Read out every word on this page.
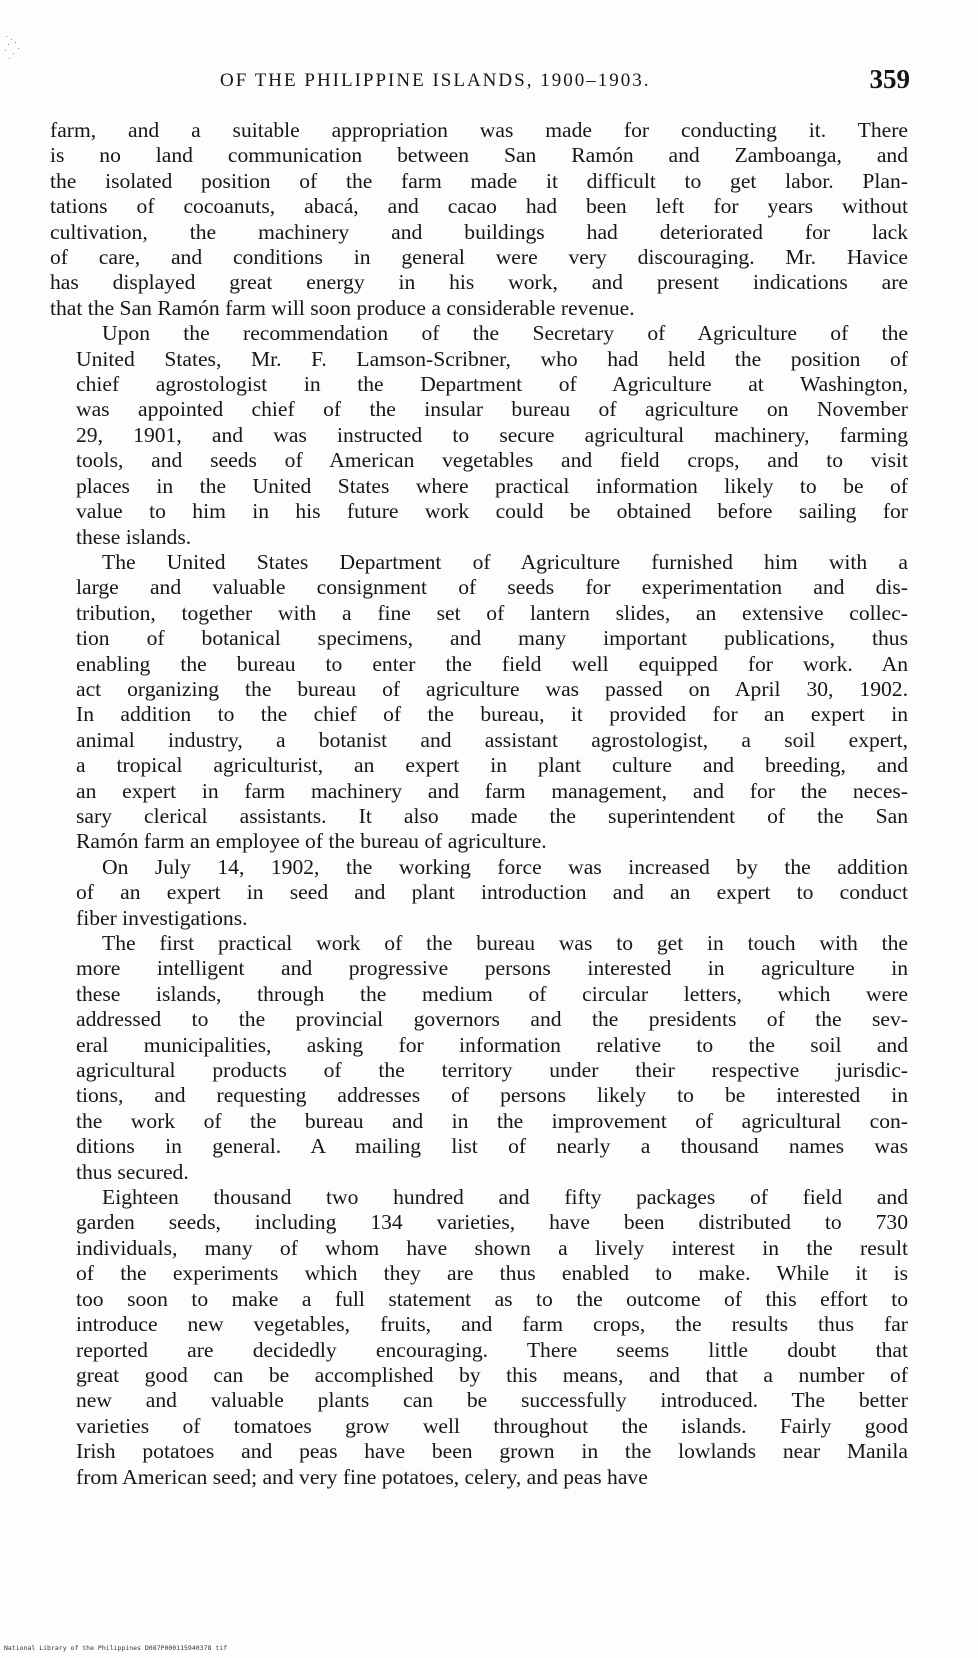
OF THE PHILIPPINE ISLANDS, 1900–1903.	359
farm, and a suitable appropriation was made for conducting it. There
is no land communication between San Ramón and Zamboanga, and
the isolated position of the farm made it difficult to get labor. Plan-
tations of cocoanuts, abacá, and cacao had been left for years without
cultivation, the machinery and buildings had deteriorated for lack
of care, and conditions in general were very discouraging. Mr. Havice
has displayed great energy in his work, and present indications are
that the San Ramón farm will soon produce a considerable revenue.
Upon the recommendation of the Secretary of Agriculture of the
United States, Mr. F. Lamson-Scribner, who had held the position of
chief agrostologist in the Department of Agriculture at Washington,
was appointed chief of the insular bureau of agriculture on November
29, 1901, and was instructed to secure agricultural machinery, farming
tools, and seeds of American vegetables and field crops, and to visit
places in the United States where practical information likely to be of
value to him in his future work could be obtained before sailing for
these islands.
The United States Department of Agriculture furnished him with a
large and valuable consignment of seeds for experimentation and dis-
tribution, together with a fine set of lantern slides, an extensive collec-
tion of botanical specimens, and many important publications, thus
enabling the bureau to enter the field well equipped for work. An
act organizing the bureau of agriculture was passed on April 30, 1902.
In addition to the chief of the bureau, it provided for an expert in
animal industry, a botanist and assistant agrostologist, a soil expert,
a tropical agriculturist, an expert in plant culture and breeding, and
an expert in farm machinery and farm management, and for the neces-
sary clerical assistants. It also made the superintendent of the San
Ramón farm an employee of the bureau of agriculture.
On July 14, 1902, the working force was increased by the addition
of an expert in seed and plant introduction and an expert to conduct
fiber investigations.
The first practical work of the bureau was to get in touch with the
more intelligent and progressive persons interested in agriculture in
these islands, through the medium of circular letters, which were
addressed to the provincial governors and the presidents of the sev-
eral municipalities, asking for information relative to the soil and
agricultural products of the territory under their respective jurisdic-
tions, and requesting addresses of persons likely to be interested in
the work of the bureau and in the improvement of agricultural con-
ditions in general. A mailing list of nearly a thousand names was
thus secured.
Eighteen thousand two hundred and fifty packages of field and
garden seeds, including 134 varieties, have been distributed to 730
individuals, many of whom have shown a lively interest in the result
of the experiments which they are thus enabled to make. While it is
too soon to make a full statement as to the outcome of this effort to
introduce new vegetables, fruits, and farm crops, the results thus far
reported are decidedly encouraging. There seems little doubt that
great good can be accomplished by this means, and that a number of
new and valuable plants can be successfully introduced. The better
varieties of tomatoes grow well throughout the islands. Fairly good
Irish potatoes and peas have been grown in the lowlands near Manila
from American seed; and very fine potatoes, celery, and peas have
National Library of the Philippines D087P000115940378 tif
